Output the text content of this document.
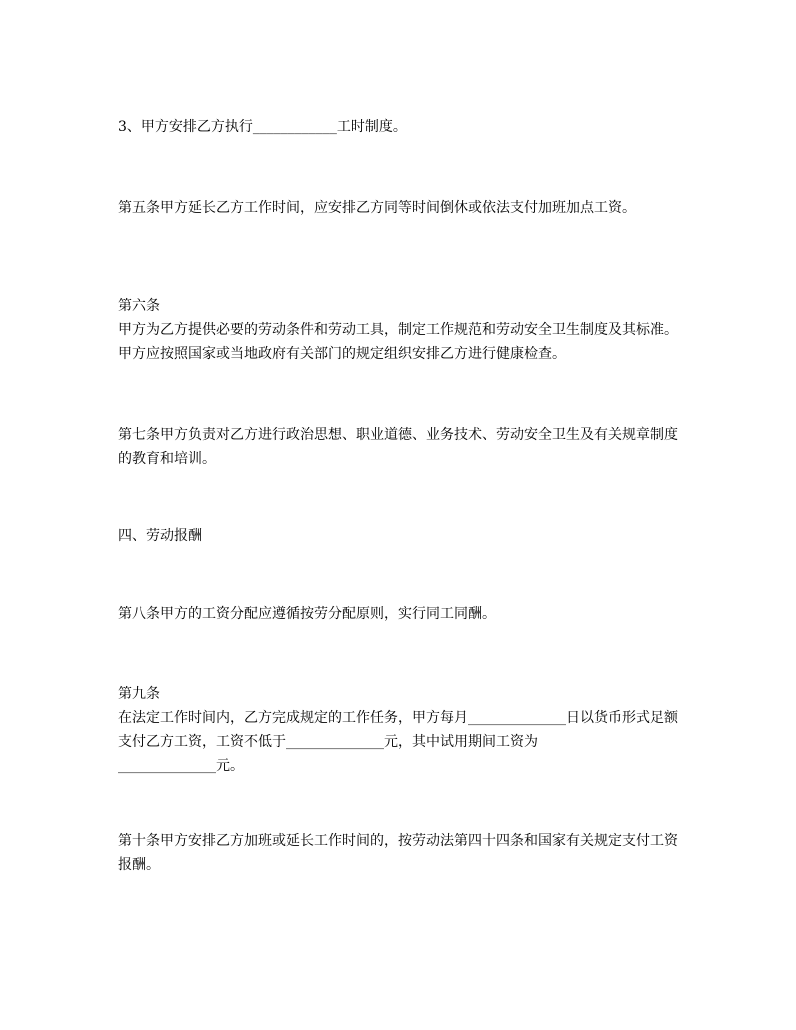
3、甲方安排乙方执行____________工时制度。

第五条甲方延长乙方工作时间，应安排乙方同等时间倒休或依法支付加班加点工资。

第六条

甲方为乙方提供必要的劳动条件和劳动工具，制定工作规范和劳动安全卫生制度及其标准。甲方应按照国家或当地政府有关部门的规定组织安排乙方进行健康检查。

第七条甲方负责对乙方进行政治思想、职业道德、业务技术、劳动安全卫生及有关规章制度的教育和培训。

四、劳动报酬

第八条甲方的工资分配应遵循按劳分配原则，实行同工同酬。

第九条

在法定工作时间内，乙方完成规定的工作任务，甲方每月______________日以货币形式足额支付乙方工资，工资不低于______________元，其中试用期间工资为
______________元。

第十条甲方安排乙方加班或延长工作时间的，按劳动法第四十四条和国家有关规定支付工资报酬。
